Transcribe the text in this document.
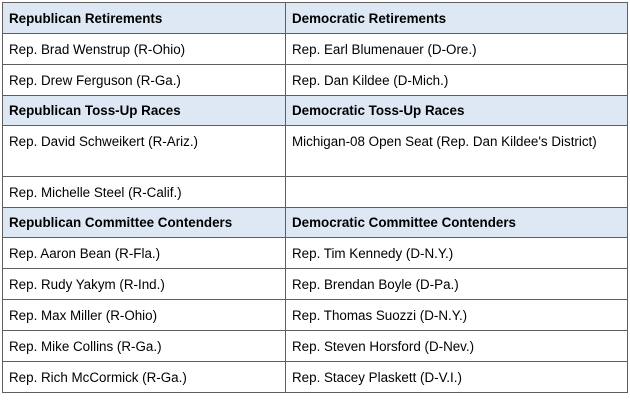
Republican Retirements	Democratic Retirements
Rep. Brad Wenstrup (R-Ohio)	Rep. Earl Blumenauer (D-Ore.)
Rep. Drew Ferguson (R-Ga.)	Rep. Dan Kildee (D-Mich.)
Republican Toss-Up Races	Democratic Toss-Up Races
Rep. David Schweikert (R-Ariz.)	Michigan-08 Open Seat (Rep. Dan Kildee's District)
Rep. Michelle Steel (R-Calif.)	
Republican Committee Contenders	Democratic Committee Contenders
Rep. Aaron Bean (R-Fla.)	Rep. Tim Kennedy (D-N.Y.)
Rep. Rudy Yakym (R-Ind.)	Rep. Brendan Boyle (D-Pa.)
Rep. Max Miller (R-Ohio)	Rep. Thomas Suozzi (D-N.Y.)
Rep. Mike Collins (R-Ga.)	Rep. Steven Horsford (D-Nev.)
Rep. Rich McCormick (R-Ga.)	Rep. Stacey Plaskett (D-V.I.)
